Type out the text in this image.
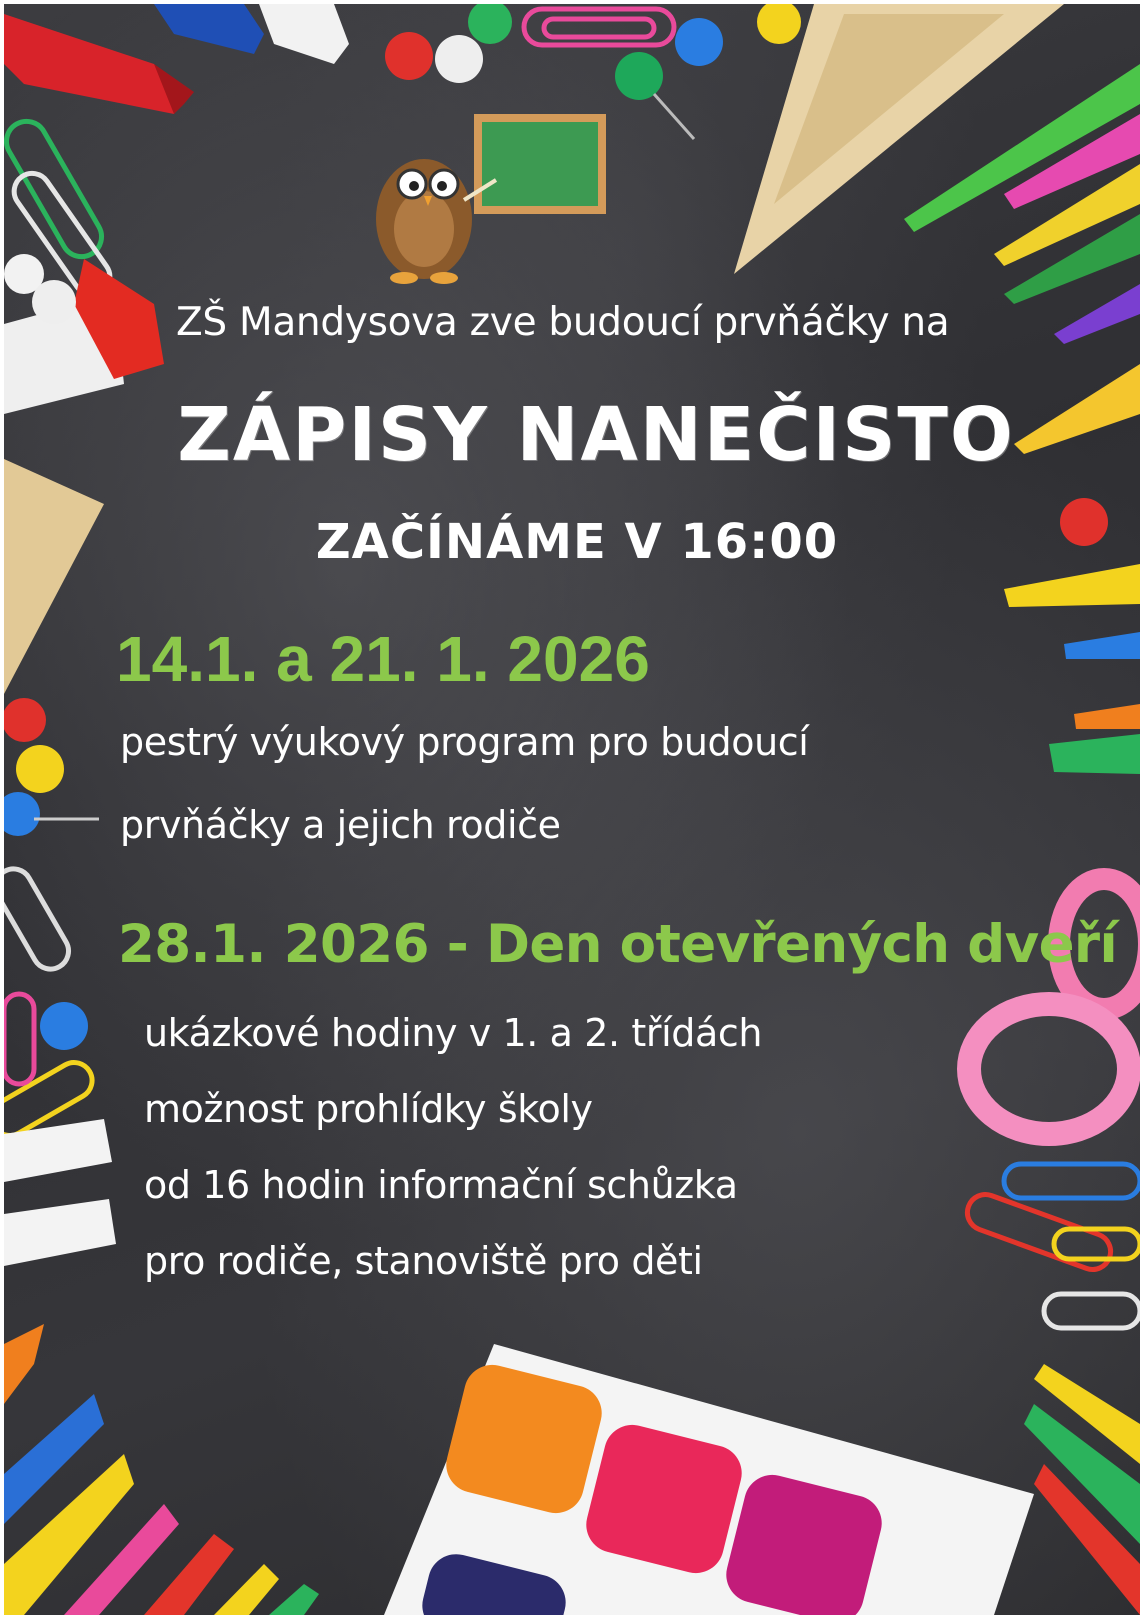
ZŠ Mandysova zve budoucí prvňáčky na
ZÁPISY NANEČISTO
ZAČÍNÁME V 16:00
14.1. a 21. 1. 2026
pestrý výukový program pro budoucí
prvňáčky a jejich rodiče
28.1. 2026 - Den otevřených dveří
ukázkové hodiny v 1. a 2. třídách
možnost prohlídky školy
od 16 hodin informační schůzka
pro rodiče, stanoviště pro děti
